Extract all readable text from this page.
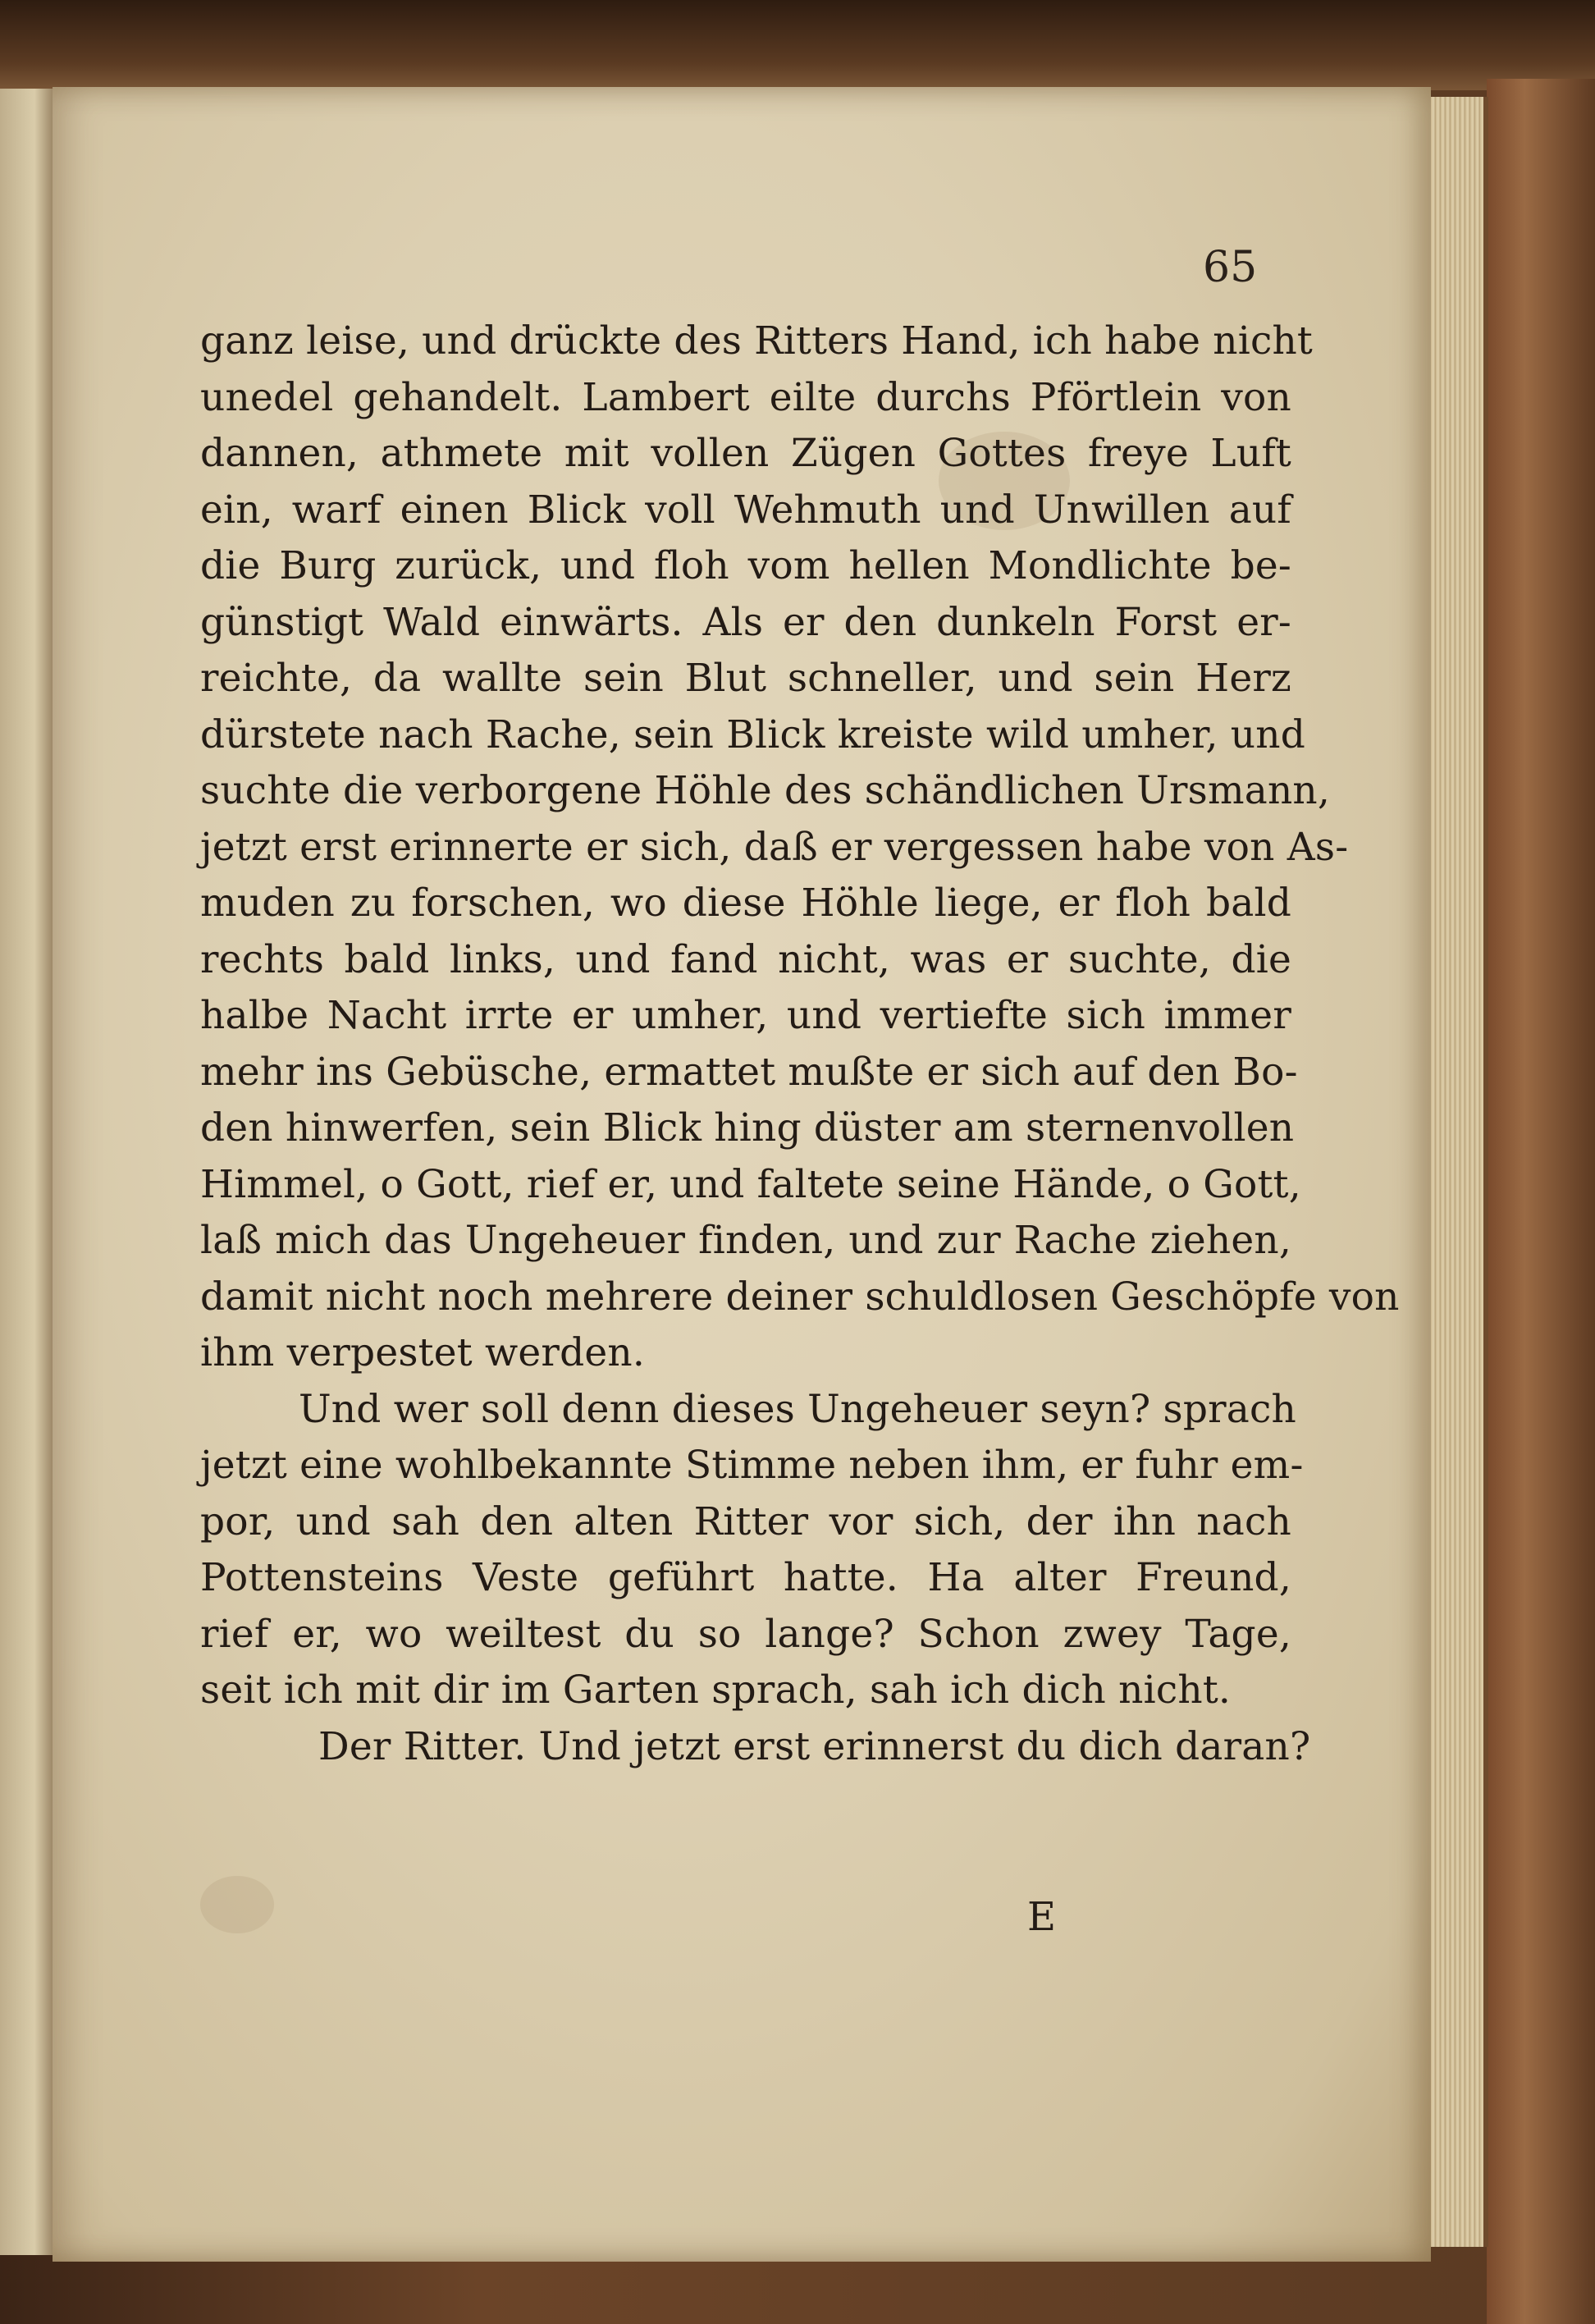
65
ganz leise, und drückte des Ritters Hand, ich habe nicht
unedel gehandelt. Lambert eilte durchs Pförtlein von
dannen, athmete mit vollen Zügen Gottes freye Luft
ein, warf einen Blick voll Wehmuth und Unwillen auf
die Burg zurück, und floh vom hellen Mondlichte be-
günstigt Wald einwärts. Als er den dunkeln Forst er-
reichte, da wallte sein Blut schneller, und sein Herz
dürstete nach Rache, sein Blick kreiste wild umher, und
suchte die verborgene Höhle des schändlichen Ursmann,
jetzt erst erinnerte er sich, daß er vergessen habe von As-
muden zu forschen, wo diese Höhle liege, er floh bald
rechts bald links, und fand nicht, was er suchte, die
halbe Nacht irrte er umher, und vertiefte sich immer
mehr ins Gebüsche, ermattet mußte er sich auf den Bo-
den hinwerfen, sein Blick hing düster am sternenvollen
Himmel, o Gott, rief er, und faltete seine Hände, o Gott,
laß mich das Ungeheuer finden, und zur Rache ziehen,
damit nicht noch mehrere deiner schuldlosen Geschöpfe von
ihm verpestet werden.
Und wer soll denn dieses Ungeheuer seyn? sprach
jetzt eine wohlbekannte Stimme neben ihm, er fuhr em-
por, und sah den alten Ritter vor sich, der ihn nach
Pottensteins Veste geführt hatte. Ha alter Freund,
rief er, wo weiltest du so lange? Schon zwey Tage,
seit ich mit dir im Garten sprach, sah ich dich nicht.
Der Ritter. Und jetzt erst erinnerst du dich daran?
E
